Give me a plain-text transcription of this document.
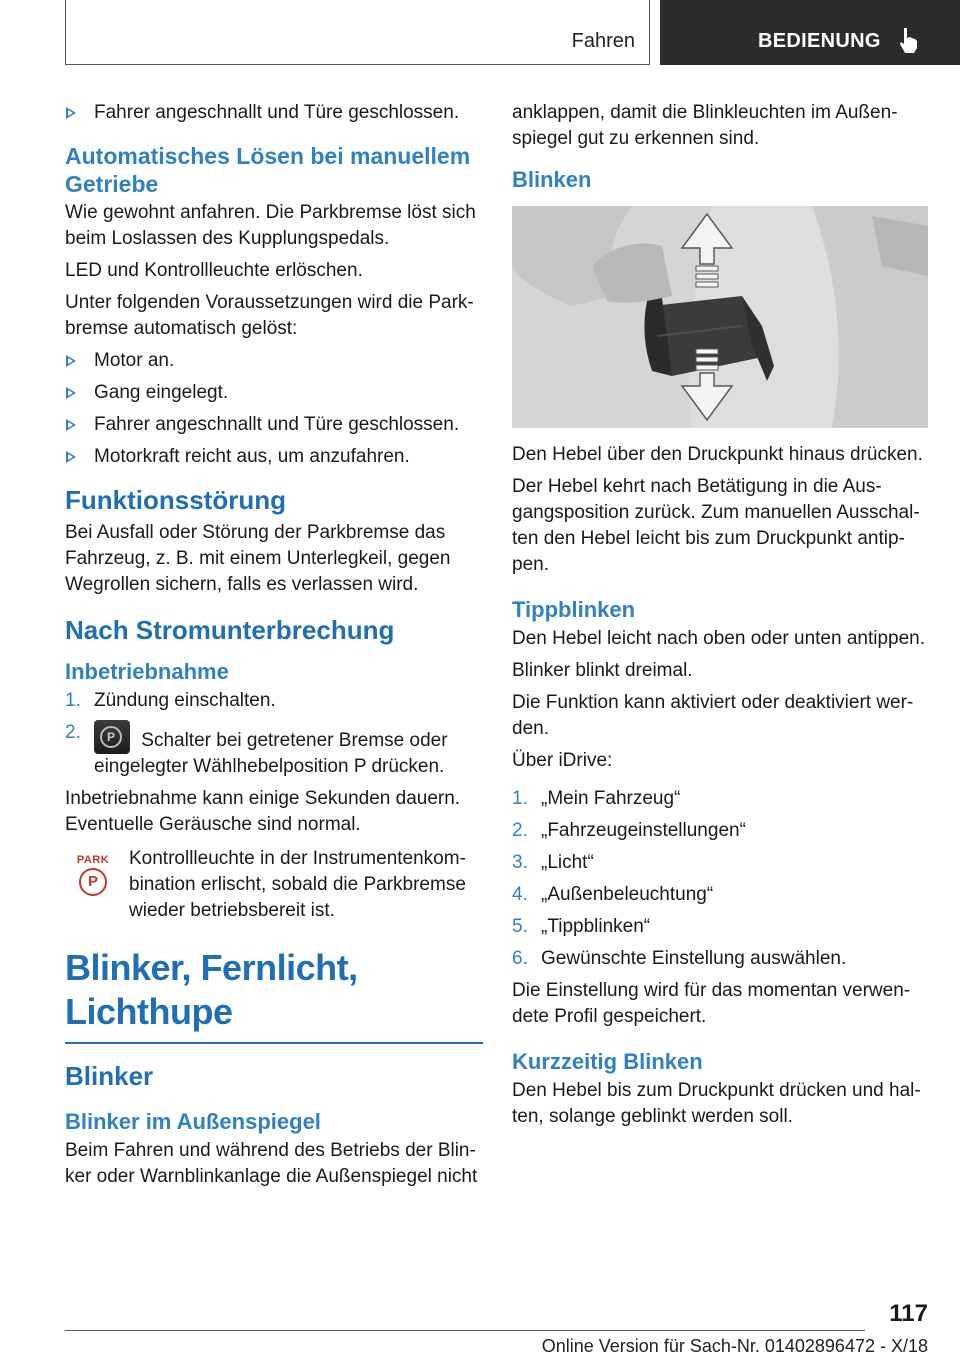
Fahren	BEDIENUNG
Fahrer angeschnallt und Türe geschlossen.
Automatisches Lösen bei manuellem Getriebe

Wie gewohnt anfahren. Die Parkbremse löst sich beim Loslassen des Kupplungspedals.

LED und Kontrollleuchte erlöschen.

Unter folgenden Voraussetzungen wird die Parkbremse automatisch gelöst:

Motor an.
Gang eingelegt.
Fahrer angeschnallt und Türe geschlossen.
Motorkraft reicht aus, um anzufahren.
Funktionsstörung

Bei Ausfall oder Störung der Parkbremse das Fahrzeug, z. B. mit einem Unterlegkeil, gegen Wegrollen sichern, falls es verlassen wird.

Nach Stromunterbrechung
Inbetriebnahme
1. Zündung einschalten.
2.	P	Schalter bei getretener Bremse oder eingelegter Wählhebelposition P drücken.

Inbetriebnahme kann einige Sekunden dauern.

Eventuelle Geräusche sind normal.

PARK
P

Kontrollleuchte in der Instrumentenkombination erlischt, sobald die Parkbremse wieder betriebsbereit ist.

Blinker, Fernlicht, Lichthupe
Blinker
Blinker im Außenspiegel

Beim Fahren und während des Betriebs der Blinker oder Warnblinkanlage die Außenspiegel nicht

anklappen, damit die Blinkleuchten im Außenspiegel gut zu erkennen sind.

Blinken

Den Hebel über den Druckpunkt hinaus drücken.

Der Hebel kehrt nach Betätigung in die Ausgangsposition zurück. Zum manuellen Ausschalten den Hebel leicht bis zum Druckpunkt antippen.

Tippblinken

Den Hebel leicht nach oben oder unten antippen.

Blinker blinkt dreimal.

Die Funktion kann aktiviert oder deaktiviert werden.

Über iDrive:

1. „Mein Fahrzeug“
2. „Fahrzeugeinstellungen“
3. „Licht“
4. „Außenbeleuchtung“
5. „Tippblinken“
6. Gewünschte Einstellung auswählen.

Die Einstellung wird für das momentan verwendete Profil gespeichert.

Kurzzeitig Blinken

Den Hebel bis zum Druckpunkt drücken und halten, solange geblinkt werden soll.

117
Online Version für Sach-Nr. 01402896472 - X/18
